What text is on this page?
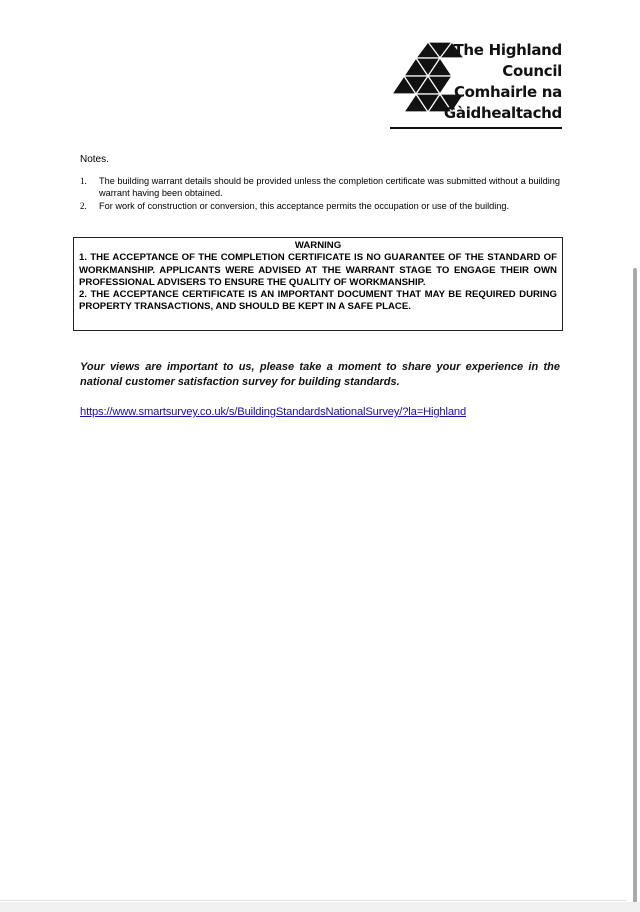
The Highland
Council
Comhairle na
Gàidhealtachd
Notes.
1.	The building warrant details should be provided unless the completion certificate was submitted without a building warrant having been obtained.
2.	For work of construction or conversion, this acceptance permits the occupation or use of the building.
WARNING

1. THE ACCEPTANCE OF THE COMPLETION CERTIFICATE IS NO GUARANTEE OF THE STANDARD OF WORKMANSHIP. APPLICANTS WERE ADVISED AT THE WARRANT STAGE TO ENGAGE THEIR OWN PROFESSIONAL ADVISERS TO ENSURE THE QUALITY OF WORKMANSHIP.

2. THE ACCEPTANCE CERTIFICATE IS AN IMPORTANT DOCUMENT THAT MAY BE REQUIRED DURING PROPERTY TRANSACTIONS, AND SHOULD BE KEPT IN A SAFE PLACE.

Your views are important to us, please take a moment to share your experience in the national customer satisfaction survey for building standards.
https://www.smartsurvey.co.uk/s/BuildingStandardsNationalSurvey/?la=Highland
